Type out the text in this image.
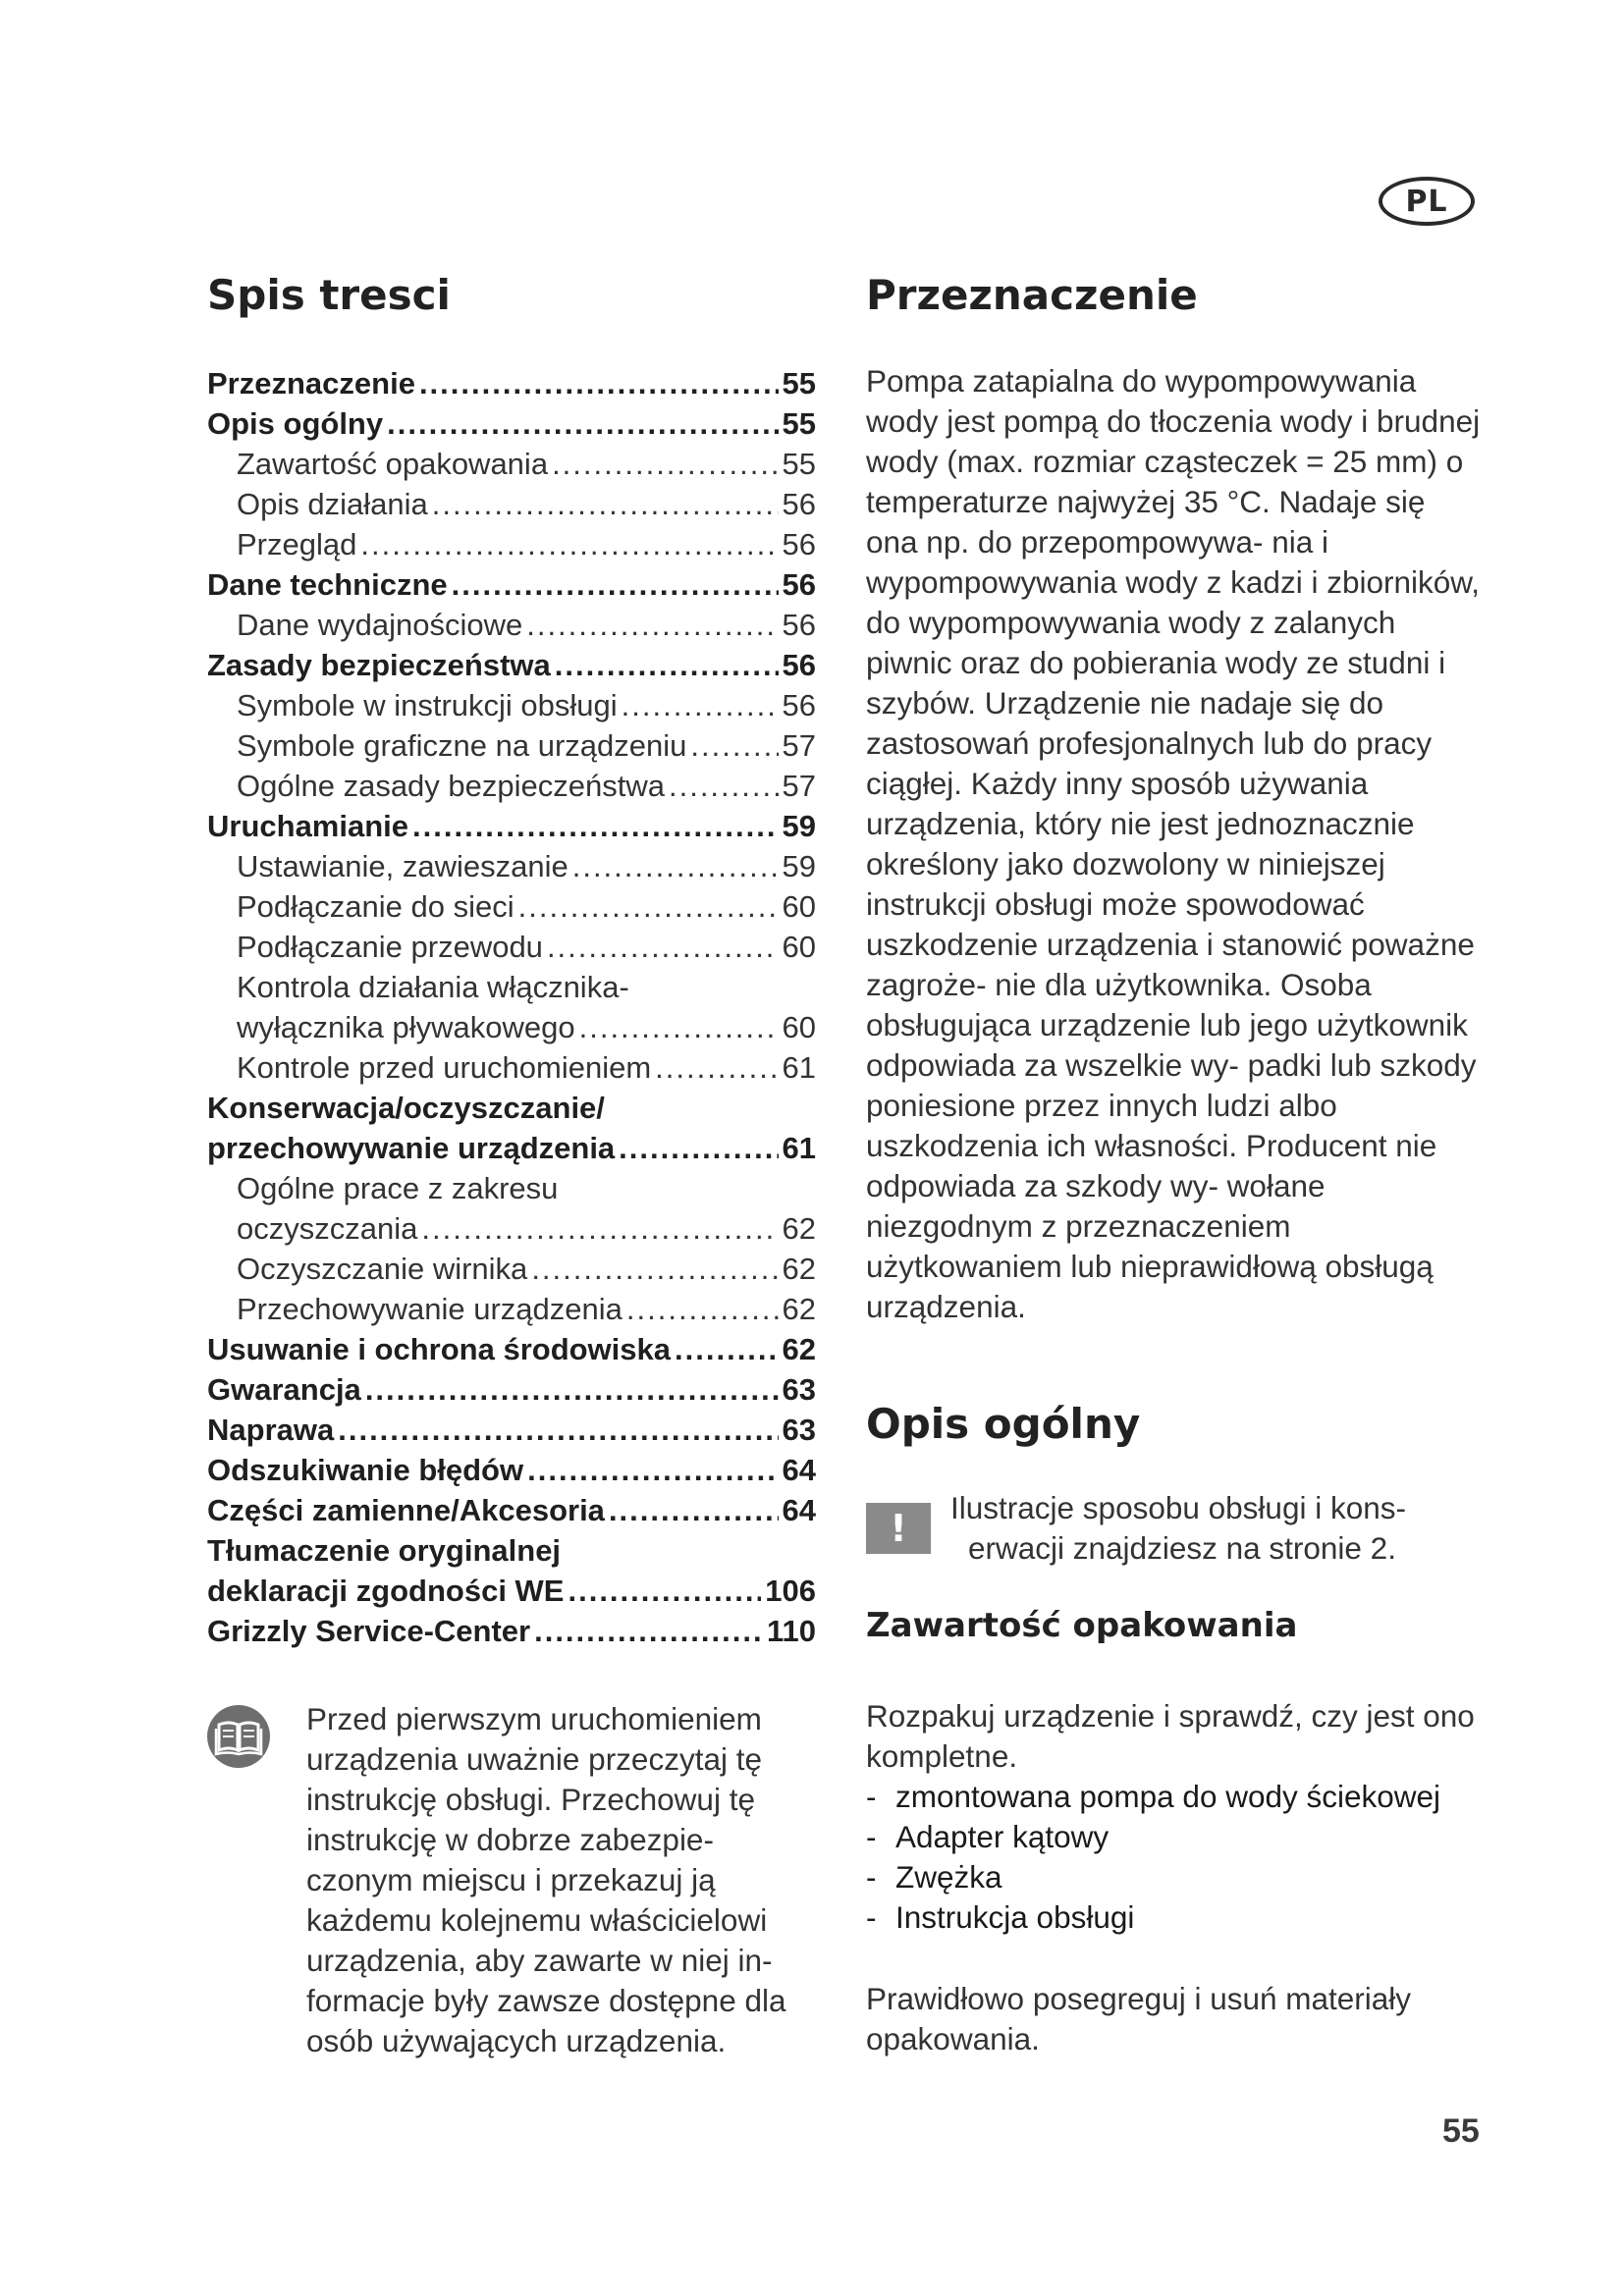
PL
Spis tresci
Przeznaczenie .....	55
Opis ogólny .....	55
Zawartość opakowania .....	55
Opis działania .....	56
Przegląd .....	56
Dane techniczne .....	56
Dane wydajnościowe .....	56
Zasady bezpieczeństwa .....	56
Symbole w instrukcji obsługi .....	56
Symbole graficzne na urządzeniu .....	57
Ogólne zasady bezpieczeństwa .....	57
Uruchamianie .....	59
Ustawianie, zawieszanie .....	59
Podłączanie do sieci .....	60
Podłączanie przewodu .....	60
Kontrola działania włącznika-
wyłącznika pływakowego .....	60
Kontrole przed uruchomieniem .....	61
Konserwacja/oczyszczanie/
przechowywanie urządzenia .....	61
Ogólne prace z zakresu
oczyszczania .....	62
Oczyszczanie wirnika .....	62
Przechowywanie urządzenia .....	62
Usuwanie i ochrona środowiska .....	62
Gwarancja .....	63
Naprawa .....	63
Odszukiwanie błędów .....	64
Części zamienne/Akcesoria .....	64
Tłumaczenie oryginalnej
deklaracji zgodności WE .....	106
Grizzly Service-Center .....	110
Przed pierwszym uruchomieniem urządzenia uważnie przeczytaj tę instrukcję obsługi. Przechowuj tę instrukcję w dobrze zabezpie- czonym miejscu i przekazuj ją każdemu kolejnemu właścicielowi urządzenia, aby zawarte w niej in- formacje były zawsze dostępne dla osób używających urządzenia.
Przeznaczenie

Pompa zatapialna do wypompowywania wody jest pompą do tłoczenia wody i brudnej wody (max. rozmiar cząsteczek = 25 mm) o temperaturze najwyżej 35 °C. Nadaje się ona np. do przepompowywa- nia i wypompowywania wody z kadzi i zbiorników, do wypompowywania wody z zalanych piwnic oraz do pobierania wody ze studni i szybów. Urządzenie nie nadaje się do zastosowań profesjonalnych lub do pracy ciągłej. Każdy inny sposób używania urządzenia, który nie jest jednoznacznie określony jako dozwolony w niniejszej instrukcji obsługi może spowodować uszkodzenie urządzenia i stanowić poważne zagroże- nie dla użytkownika. Osoba obsługująca urządzenie lub jego użytkownik odpowiada za wszelkie wy- padki lub szkody poniesione przez innych ludzi albo uszkodzenia ich własności. Producent nie odpowiada za szkody wy- wołane niezgodnym z przeznaczeniem użytkowaniem lub nieprawidłową obsługą urządzenia.

Opis ogólny
!	Ilustracje sposobu obsługi i kons-
erwacji znajdziesz na stronie 2.
Zawartość opakowania

Rozpakuj urządzenie i sprawdź, czy jest ono kompletne.

- zmontowana pompa do wody ściekowej
- Adapter kątowy
- Zwężka
- Instrukcja obsługi

Prawidłowo posegreguj i usuń materiały opakowania.

55
